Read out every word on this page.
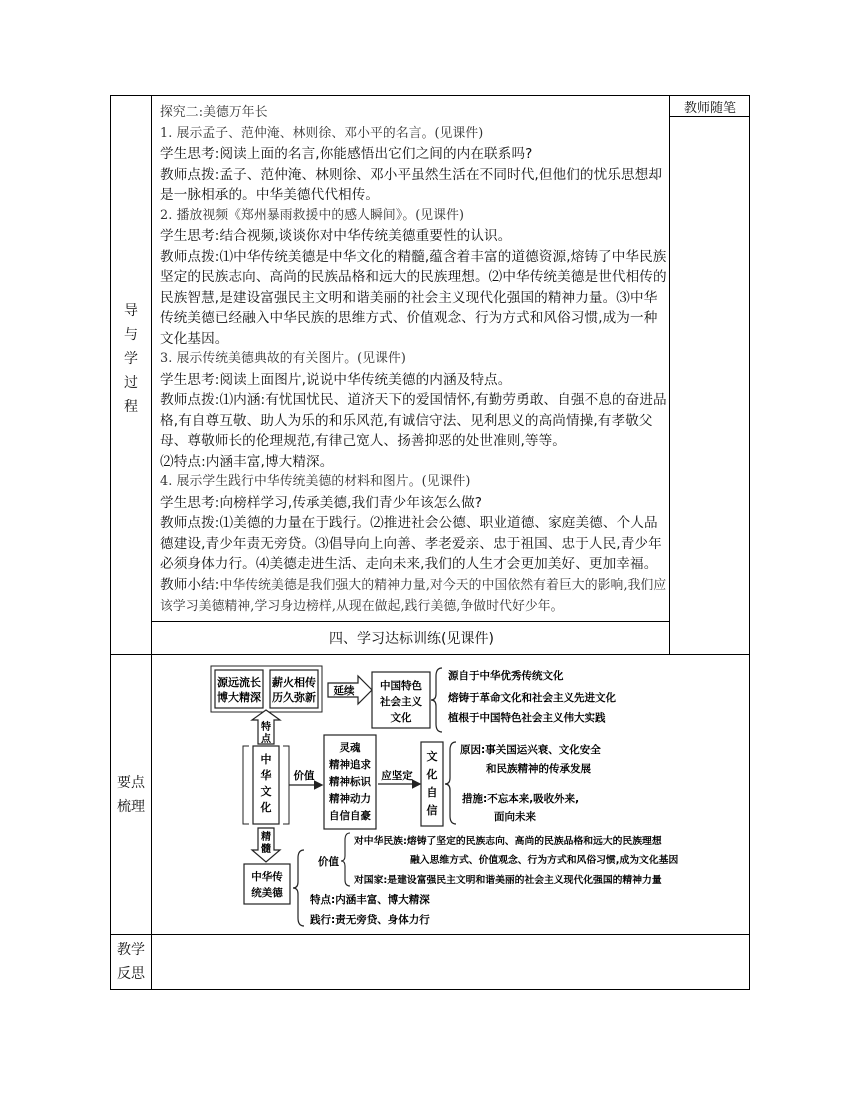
教师随笔
导
与
学
过
程
要点
梳理
教学
反思

探究二:美德万年长

1. 展示孟子、范仲淹、林则徐、邓小平的名言。(见课件)

学生思考:阅读上面的名言,你能感悟出它们之间的内在联系吗?

教师点拨:孟子、范仲淹、林则徐、邓小平虽然生活在不同时代,但他们的忧乐思想却是一脉相承的。中华美德代代相传。

2. 播放视频《郑州暴雨救援中的感人瞬间》。(见课件)

学生思考:结合视频,谈谈你对中华传统美德重要性的认识。

教师点拨:⑴中华传统美德是中华文化的精髓,蕴含着丰富的道德资源,熔铸了中华民族坚定的民族志向、高尚的民族品格和远大的民族理想。⑵中华传统美德是世代相传的民族智慧,是建设富强民主文明和谐美丽的社会主义现代化强国的精神力量。⑶中华传统美德已经融入中华民族的思维方式、价值观念、行为方式和风俗习惯,成为一种文化基因。

3. 展示传统美德典故的有关图片。(见课件)

学生思考:阅读上面图片,说说中华传统美德的内涵及特点。

教师点拨:⑴内涵:有忧国忧民、道济天下的爱国情怀,有勤劳勇敢、自强不息的奋进品格,有自尊互敬、助人为乐的和乐风范,有诚信守法、见利思义的高尚情操,有孝敬父母、尊敬师长的伦理规范,有律己宽人、扬善抑恶的处世准则,等等。

⑵特点:内涵丰富,博大精深。

4. 展示学生践行中华传统美德的材料和图片。(见课件)

学生思考:向榜样学习,传承美德,我们青少年该怎么做?

教师点拨:⑴美德的力量在于践行。⑵推进社会公德、职业道德、家庭美德、个人品德建设,青少年责无旁贷。⑶倡导向上向善、孝老爱亲、忠于祖国、忠于人民,青少年必须身体力行。⑷美德走进生活、走向未来,我们的人生才会更加美好、更加幸福。

教师小结:中华传统美德是我们强大的精神力量,对今天的中国依然有着巨大的影响,我们应该学习美德精神,学习身边榜样,从现在做起,践行美德,争做时代好少年。

四、学习达标训练(见课件)
源远流长
博大精深
薪火相传
历久弥新 延续 中国特色
社会主义
文化
源自于中华优秀传统文化
熔铸于革命文化和社会主义先进文化
植根于中国特色社会主义伟大实践
特
点
中
华
文
化
价值
灵魂
精神追求
精神标识
精神动力
自信自豪
应坚定
文
化
自
信
原因:事关国运兴衰、文化安全
和民族精神的传承发展
措施:不忘本来,吸收外来,
面向未来
精
髓
中华传
统美德
价值
对中华民族:熔铸了坚定的民族志向、高尚的民族品格和远大的民族理想
融入思维方式、价值观念、行为方式和风俗习惯,成为文化基因
对国家:是建设富强民主文明和谐美丽的社会主义现代化强国的精神力量
特点:内涵丰富、博大精深
践行:责无旁贷、身体力行
